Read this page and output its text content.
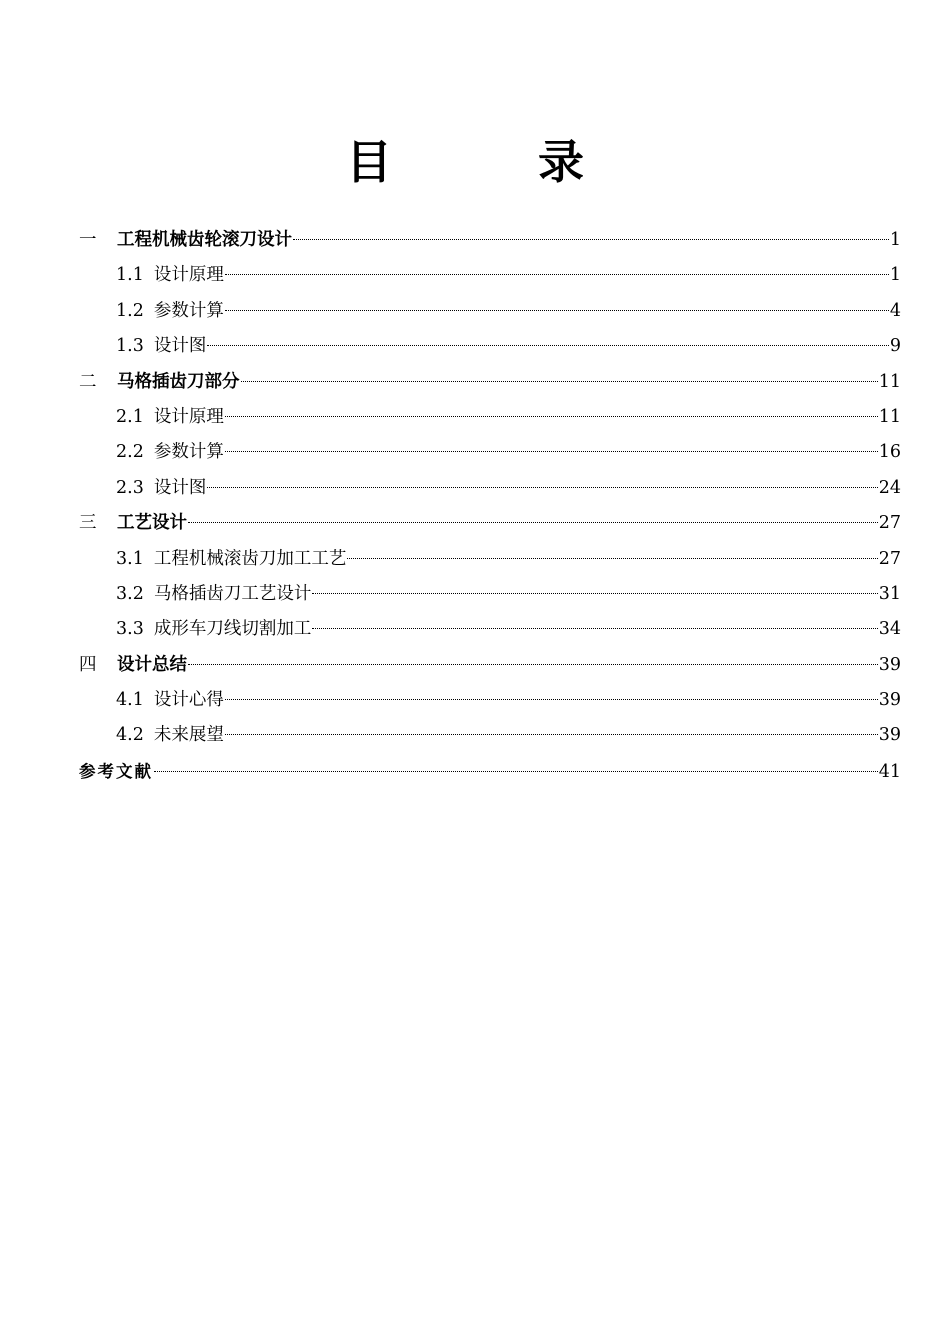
目　录
一	工程机械齿轮滚刀设计	1
1.1 设计原理	1
1.2 参数计算	4
1.3 设计图	9
二	马格插齿刀部分	11
2.1 设计原理	11
2.2 参数计算	16
2.3 设计图	24
三	工艺设计	27
3.1 工程机械滚齿刀加工工艺	27
3.2 马格插齿刀工艺设计	31
3.3 成形车刀线切割加工	34
四	设计总结	39
4.1 设计心得	39
4.2 未来展望	39
参考文献	41
